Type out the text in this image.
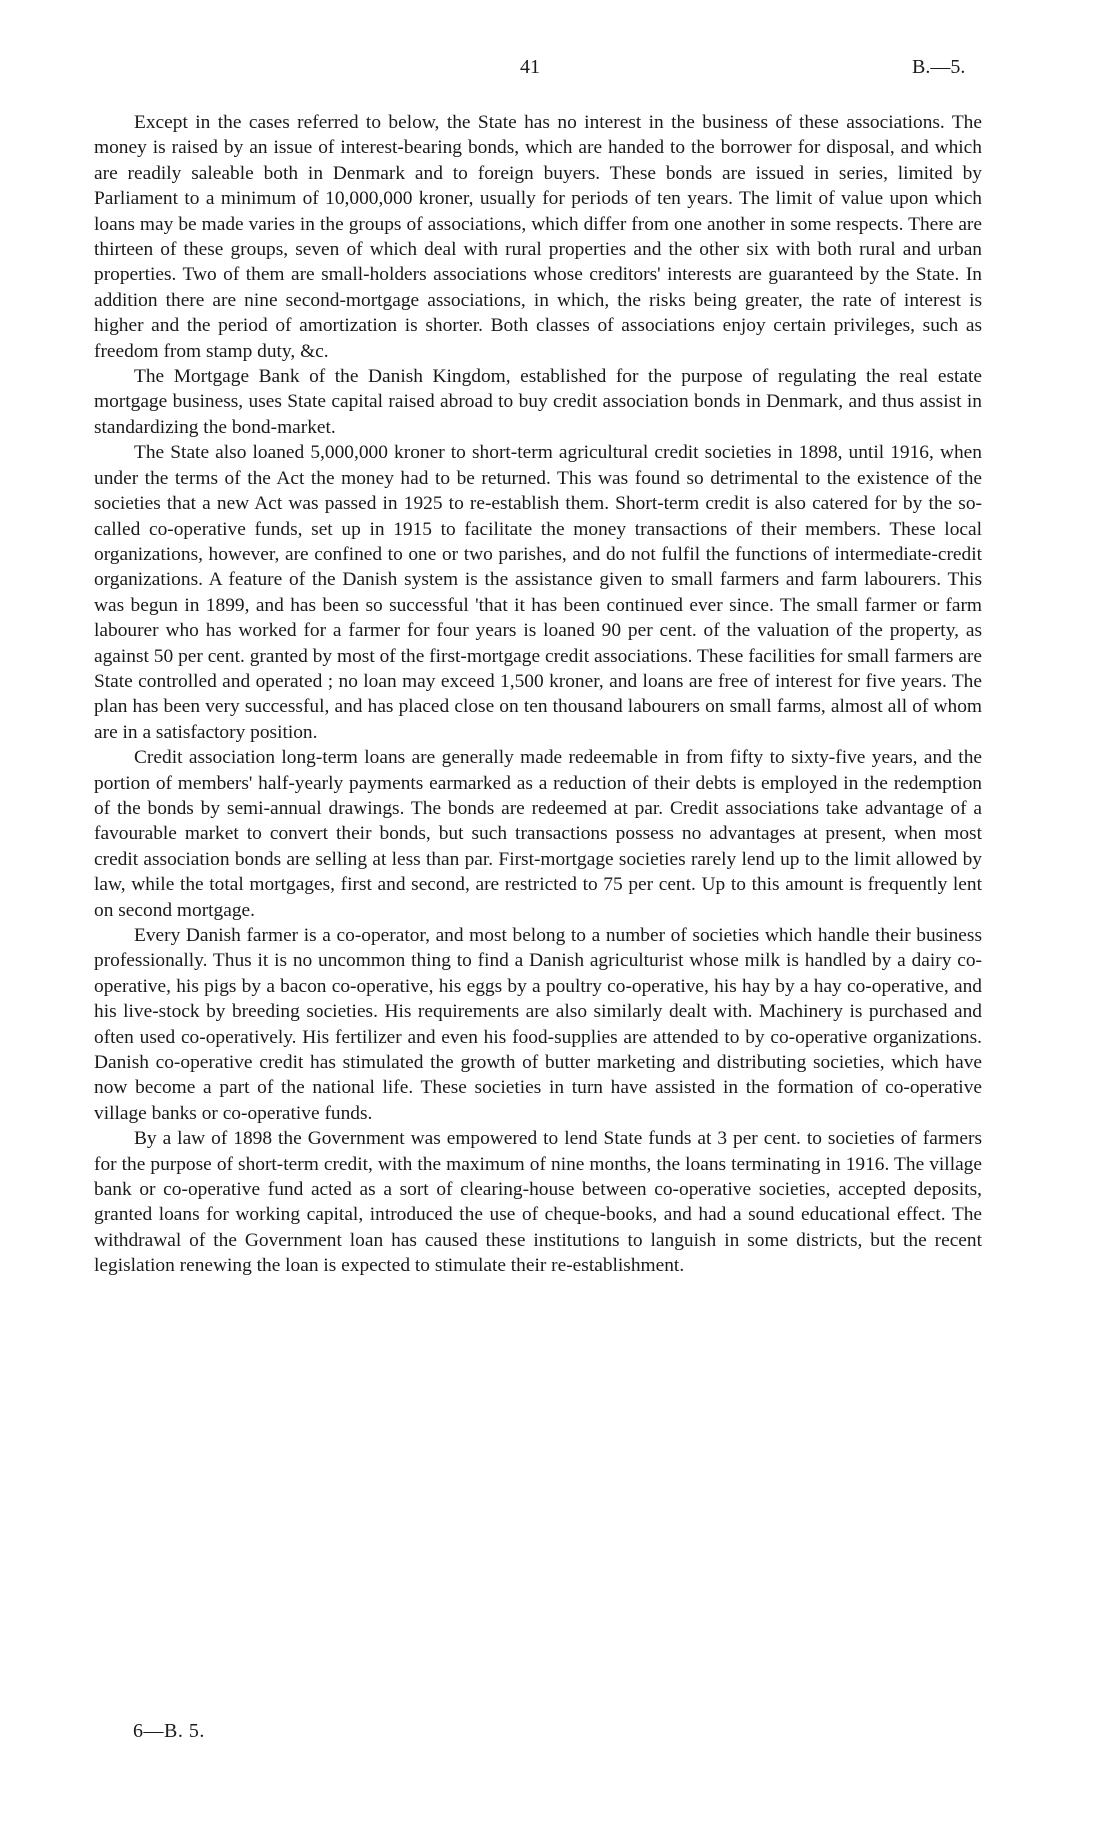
41	B.—5.

Except in the cases referred to below, the State has no interest in the business of these associations. The money is raised by an issue of interest-bearing bonds, which are handed to the borrower for disposal, and which are readily saleable both in Denmark and to foreign buyers. These bonds are issued in series, limited by Parliament to a minimum of 10,000,000 kroner, usually for periods of ten years. The limit of value upon which loans may be made varies in the groups of associations, which differ from one another in some respects. There are thirteen of these groups, seven of which deal with rural properties and the other six with both rural and urban properties. Two of them are small-holders associations whose creditors' interests are guaranteed by the State. In addition there are nine second-mortgage associations, in which, the risks being greater, the rate of interest is higher and the period of amortization is shorter. Both classes of associations enjoy certain privileges, such as freedom from stamp duty, &c.

The Mortgage Bank of the Danish Kingdom, established for the purpose of regulating the real estate mortgage business, uses State capital raised abroad to buy credit association bonds in Denmark, and thus assist in standardizing the bond-market.

The State also loaned 5,000,000 kroner to short-term agricultural credit societies in 1898, until 1916, when under the terms of the Act the money had to be returned. This was found so detrimental to the existence of the societies that a new Act was passed in 1925 to re-establish them. Short-term credit is also catered for by the so-called co-operative funds, set up in 1915 to facilitate the money transactions of their members. These local organizations, however, are confined to one or two parishes, and do not fulfil the functions of intermediate-credit organizations. A feature of the Danish system is the assistance given to small farmers and farm labourers. This was begun in 1899, and has been so successful 'that it has been continued ever since. The small farmer or farm labourer who has worked for a farmer for four years is loaned 90 per cent. of the valuation of the property, as against 50 per cent. granted by most of the first-mortgage credit associations. These facilities for small farmers are State controlled and operated ; no loan may exceed 1,500 kroner, and loans are free of interest for five years. The plan has been very successful, and has placed close on ten thousand labourers on small farms, almost all of whom are in a satisfactory position.

Credit association long-term loans are generally made redeemable in from fifty to sixty-five years, and the portion of members' half-yearly payments earmarked as a reduction of their debts is employed in the redemption of the bonds by semi-annual drawings. The bonds are redeemed at par. Credit associations take advantage of a favourable market to convert their bonds, but such transactions possess no advantages at present, when most credit association bonds are selling at less than par. First-mortgage societies rarely lend up to the limit allowed by law, while the total mortgages, first and second, are restricted to 75 per cent. Up to this amount is frequently lent on second mortgage.

Every Danish farmer is a co-operator, and most belong to a number of societies which handle their business professionally. Thus it is no uncommon thing to find a Danish agriculturist whose milk is handled by a dairy co-operative, his pigs by a bacon co-operative, his eggs by a poultry co-operative, his hay by a hay co-operative, and his live-stock by breeding societies. His requirements are also similarly dealt with. Machinery is purchased and often used co-operatively. His fertilizer and even his food-supplies are attended to by co-operative organizations. Danish co-operative credit has stimulated the growth of butter marketing and distributing societies, which have now become a part of the national life. These societies in turn have assisted in the formation of co-operative village banks or co-operative funds.

By a law of 1898 the Government was empowered to lend State funds at 3 per cent. to societies of farmers for the purpose of short-term credit, with the maximum of nine months, the loans terminating in 1916. The village bank or co-operative fund acted as a sort of clearing-house between co-operative societies, accepted deposits, granted loans for working capital, introduced the use of cheque-books, and had a sound educational effect. The withdrawal of the Government loan has caused these institutions to languish in some districts, but the recent legislation renewing the loan is expected to stimulate their re-establishment.

6—B. 5.
